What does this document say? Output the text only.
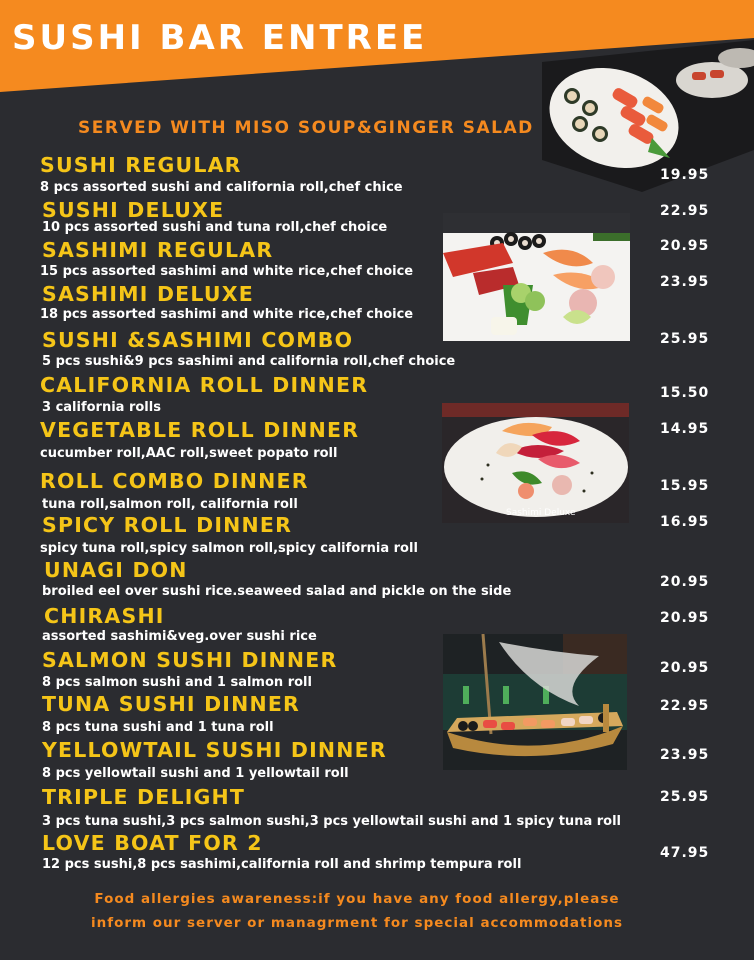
SUSHI BAR ENTREE
SERVED WITH MISO SOUP&GINGER SALAD
Sashimi Deluxe
SUSHI REGULAR
8 pcs assorted sushi and california roll,chef chice
19.95
SUSHI DELUXE
10 pcs assorted sushi and tuna roll,chef choice
22.95
SASHIMI REGULAR
15 pcs assorted sashimi and white rice,chef choice
20.95
SASHIMI DELUXE
18 pcs assorted sashimi and white rice,chef choice
23.95
SUSHI &SASHIMI COMBO
5 pcs sushi&9 pcs sashimi and california roll,chef choice
25.95
CALIFORNIA ROLL DINNER
3 california rolls
15.50
VEGETABLE ROLL DINNER
cucumber roll,AAC roll,sweet popato roll
14.95
ROLL COMBO DINNER
tuna roll,salmon roll, california roll
15.95
SPICY ROLL DINNER
spicy tuna roll,spicy salmon roll,spicy california roll
16.95
UNAGI DON
broiled eel over sushi rice.seaweed salad and pickle on the side
20.95
CHIRASHI
assorted sashimi&veg.over sushi rice
20.95
SALMON SUSHI DINNER
8 pcs salmon sushi and 1 salmon roll
20.95
TUNA SUSHI DINNER
8 pcs tuna sushi and 1 tuna roll
22.95
YELLOWTAIL SUSHI DINNER
8 pcs yellowtail sushi and 1 yellowtail roll
23.95
TRIPLE DELIGHT
3 pcs tuna sushi,3 pcs salmon sushi,3 pcs yellowtail sushi and 1 spicy tuna roll
25.95
LOVE BOAT FOR 2
12 pcs sushi,8 pcs sashimi,california roll and shrimp tempura roll
47.95
Food allergies awareness:if you have any food allergy,please
inform our server or managrment for special accommodations
